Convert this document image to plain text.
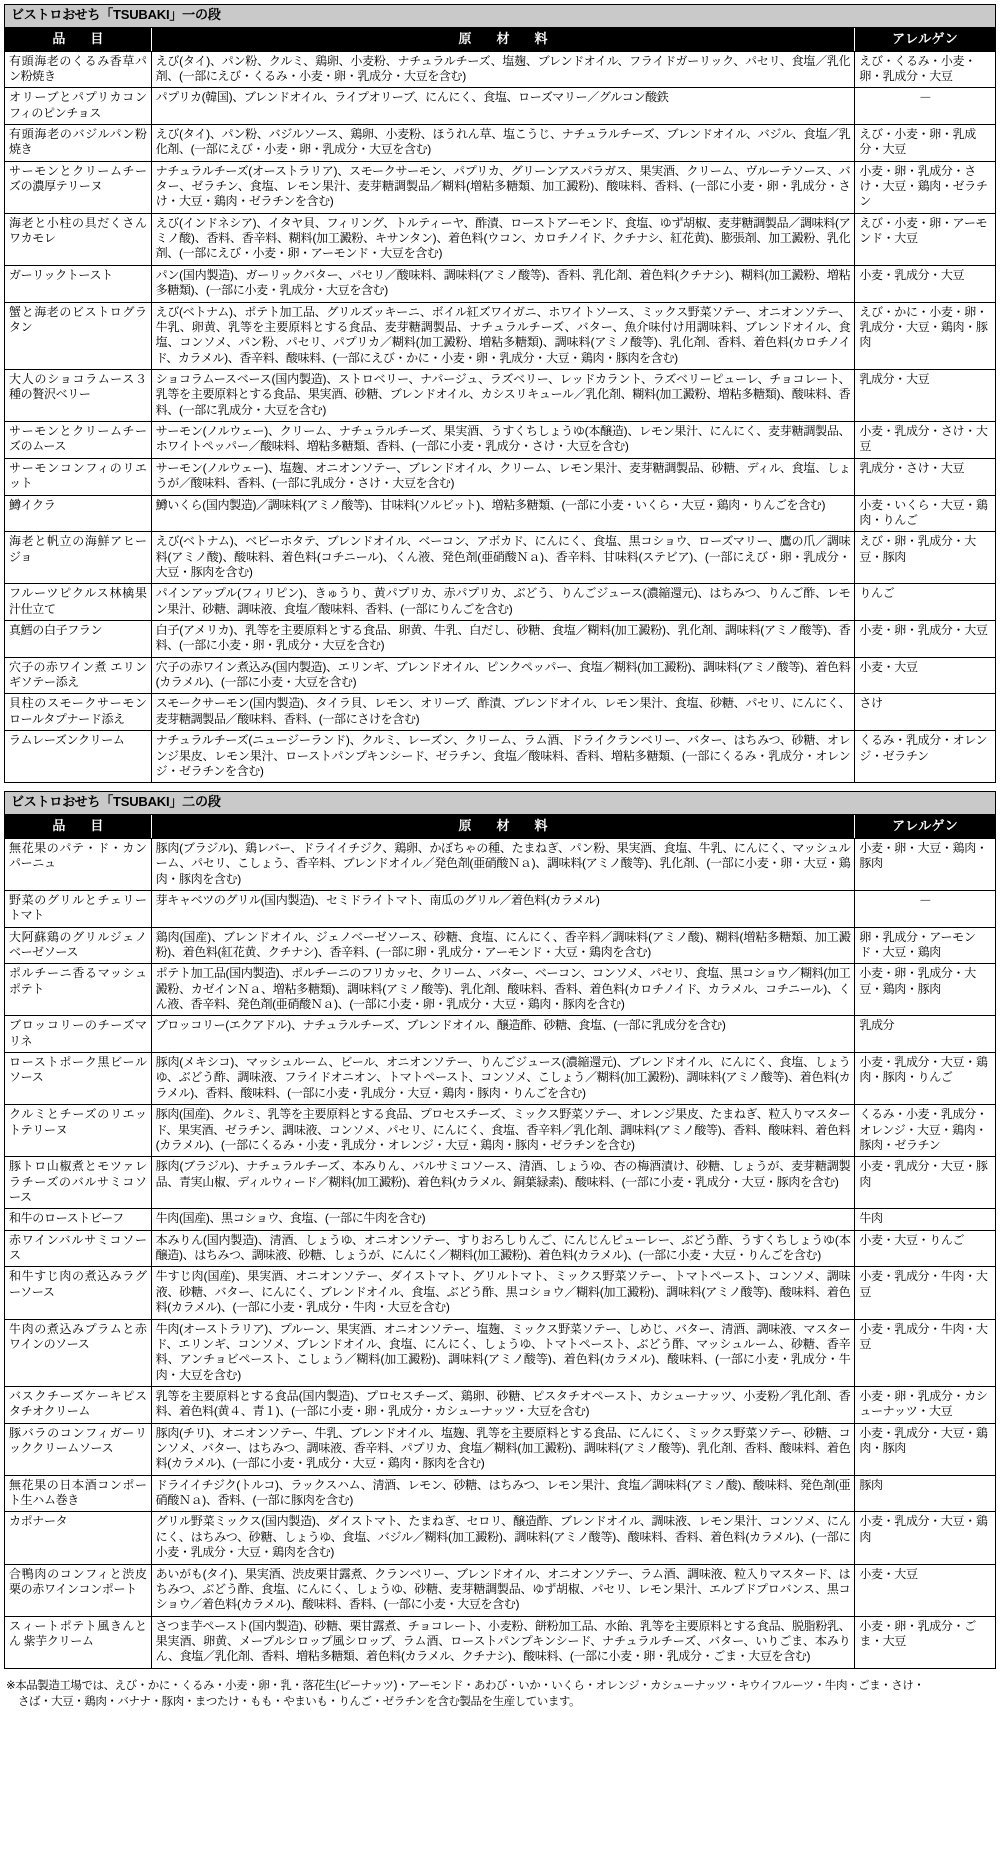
ビストロおせち「TSUBAKI」一の段
品　目	原　材　料	アレルゲン
有頭海老のくるみ香草パン粉焼き	えび(タイ)、パン粉、クルミ、鶏卵、小麦粉、ナチュラルチーズ、塩麹、ブレンドオイル、フライドガーリック、パセリ、食塩／乳化剤、(一部にえび・くるみ・小麦・卵・乳成分・大豆を含む)	えび・くるみ・小麦・卵・乳成分・大豆
オリーブとパプリカコンフィのピンチョス	パプリカ(韓国)、ブレンドオイル、ライプオリーブ、にんにく、食塩、ローズマリー／グルコン酸鉄	－
有頭海老のバジルパン粉焼き	えび(タイ)、パン粉、バジルソース、鶏卵、小麦粉、ほうれん草、塩こうじ、ナチュラルチーズ、ブレンドオイル、バジル、食塩／乳化剤、(一部にえび・小麦・卵・乳成分・大豆を含む)	えび・小麦・卵・乳成分・大豆
サーモンとクリームチーズの濃厚テリーヌ	ナチュラルチーズ(オーストラリア)、スモークサーモン、パプリカ、グリーンアスパラガス、果実酒、クリーム、ヴルーテソース、バター、ゼラチン、食塩、レモン果汁、麦芽糖調製品／糊料(増粘多糖類、加工澱粉)、酸味料、香料、(一部に小麦・卵・乳成分・さけ・大豆・鶏肉・ゼラチンを含む)	小麦・卵・乳成分・さけ・大豆・鶏肉・ゼラチン
海老と小柱の具だくさんワカモレ	えび(インドネシア)、イタヤ貝、フィリング、トルティーヤ、酢漬、ローストアーモンド、食塩、ゆず胡椒、麦芽糖調製品／調味料(アミノ酸)、香料、香辛料、糊料(加工澱粉、キサンタン)、着色料(ウコン、カロチノイド、クチナシ、紅花黄)、膨張剤、加工澱粉、乳化剤、(一部にえび・小麦・卵・アーモンド・大豆を含む)	えび・小麦・卵・アーモンド・大豆
ガーリックトースト	パン(国内製造)、ガーリックバター、パセリ／酸味料、調味料(アミノ酸等)、香料、乳化剤、着色料(クチナシ)、糊料(加工澱粉、増粘多糖類)、(一部に小麦・乳成分・大豆を含む)	小麦・乳成分・大豆
蟹と海老のビストログラタン	えび(ベトナム)、ポテト加工品、グリルズッキーニ、ボイル紅ズワイガニ、ホワイトソース、ミックス野菜ソテー、オニオンソテー、牛乳、卵黄、乳等を主要原料とする食品、麦芽糖調製品、ナチュラルチーズ、バター、魚介味付け用調味料、ブレンドオイル、食塩、コンソメ、パン粉、パセリ、パプリカ／糊料(加工澱粉、増粘多糖類)、調味料(アミノ酸等)、乳化剤、香料、着色料(カロチノイド、カラメル)、香辛料、酸味料、(一部にえび・かに・小麦・卵・乳成分・大豆・鶏肉・豚肉を含む)	えび・かに・小麦・卵・乳成分・大豆・鶏肉・豚肉
大人のショコラムース３種の贅沢ベリー	ショコラムースベース(国内製造)、ストロベリー、ナパージュ、ラズベリー、レッドカラント、ラズベリーピューレ、チョコレート、乳等を主要原料とする食品、果実酒、砂糖、ブレンドオイル、カシスリキュール／乳化剤、糊料(加工澱粉、増粘多糖類)、酸味料、香料、(一部に乳成分・大豆を含む)	乳成分・大豆
サーモンとクリームチーズのムース	サーモン(ノルウェー)、クリーム、ナチュラルチーズ、果実酒、うすくちしょうゆ(本醸造)、レモン果汁、にんにく、麦芽糖調製品、ホワイトペッパー／酸味料、増粘多糖類、香料、(一部に小麦・乳成分・さけ・大豆を含む)	小麦・乳成分・さけ・大豆
サーモンコンフィのリエット	サーモン(ノルウェー)、塩麹、オニオンソテー、ブレンドオイル、クリーム、レモン果汁、麦芽糖調製品、砂糖、ディル、食塩、しょうが／酸味料、香料、(一部に乳成分・さけ・大豆を含む)	乳成分・さけ・大豆
鱒イクラ	鱒いくら(国内製造)／調味料(アミノ酸等)、甘味料(ソルビット)、増粘多糖類、(一部に小麦・いくら・大豆・鶏肉・りんごを含む)	小麦・いくら・大豆・鶏肉・りんご
海老と帆立の海鮮アヒージョ	えび(ベトナム)、ベビーホタテ、ブレンドオイル、ベーコン、アボカド、にんにく、食塩、黒コショウ、ローズマリー、鷹の爪／調味料(アミノ酸)、酸味料、着色料(コチニール)、くん液、発色剤(亜硝酸Ｎａ)、香辛料、甘味料(ステビア)、(一部にえび・卵・乳成分・大豆・豚肉を含む)	えび・卵・乳成分・大豆・豚肉
フルーツピクルス林檎果汁仕立て	パインアップル(フィリピン)、きゅうり、黄パプリカ、赤パプリカ、ぶどう、りんごジュース(濃縮還元)、はちみつ、りんご酢、レモン果汁、砂糖、調味液、食塩／酸味料、香料、(一部にりんごを含む)	りんご
真鱈の白子フラン	白子(アメリカ)、乳等を主要原料とする食品、卵黄、牛乳、白だし、砂糖、食塩／糊料(加工澱粉)、乳化剤、調味料(アミノ酸等)、香料、(一部に小麦・卵・乳成分・大豆を含む)	小麦・卵・乳成分・大豆
穴子の赤ワイン煮 エリンギソテー添え	穴子の赤ワイン煮込み(国内製造)、エリンギ、ブレンドオイル、ピンクペッパー、食塩／糊料(加工澱粉)、調味料(アミノ酸等)、着色料(カラメル)、(一部に小麦・大豆を含む)	小麦・大豆
貝柱のスモークサーモンロールタプナード添え	スモークサーモン(国内製造)、タイラ貝、レモン、オリーブ、酢漬、ブレンドオイル、レモン果汁、食塩、砂糖、パセリ、にんにく、麦芽糖調製品／酸味料、香料、(一部にさけを含む)	さけ
ラムレーズンクリーム	ナチュラルチーズ(ニュージーランド)、クルミ、レーズン、クリーム、ラム酒、ドライクランベリー、バター、はちみつ、砂糖、オレンジ果皮、レモン果汁、ローストパンプキンシード、ゼラチン、食塩／酸味料、香料、増粘多糖類、(一部にくるみ・乳成分・オレンジ・ゼラチンを含む)	くるみ・乳成分・オレンジ・ゼラチン
ビストロおせち「TSUBAKI」二の段
品　目	原　材　料	アレルゲン
無花果のパテ・ド・カンパーニュ	豚肉(ブラジル)、鶏レバー、ドライイチジク、鶏卵、かぼちゃの種、たまねぎ、パン粉、果実酒、食塩、牛乳、にんにく、マッシュルーム、パセリ、こしょう、香辛料、ブレンドオイル／発色剤(亜硝酸Ｎａ)、調味料(アミノ酸等)、乳化剤、(一部に小麦・卵・大豆・鶏肉・豚肉を含む)	小麦・卵・大豆・鶏肉・豚肉
野菜のグリルとチェリートマト	芽キャベツのグリル(国内製造)、セミドライトマト、南瓜のグリル／着色料(カラメル)	－
大阿蘇鶏のグリルジェノベーゼソース	鶏肉(国産)、ブレンドオイル、ジェノベーゼソース、砂糖、食塩、にんにく、香辛料／調味料(アミノ酸)、糊料(増粘多糖類、加工澱粉)、着色料(紅花黄、クチナシ)、香辛料、(一部に卵・乳成分・アーモンド・大豆・鶏肉を含む)	卵・乳成分・アーモンド・大豆・鶏肉
ポルチーニ香るマッシュポテト	ポテト加工品(国内製造)、ポルチーニのフリカッセ、クリーム、バター、ベーコン、コンソメ、パセリ、食塩、黒コショウ／糊料(加工澱粉、カゼインＮａ、増粘多糖類)、調味料(アミノ酸等)、乳化剤、酸味料、香料、着色料(カロチノイド、カラメル、コチニール)、くん液、香辛料、発色剤(亜硝酸Ｎａ)、(一部に小麦・卵・乳成分・大豆・鶏肉・豚肉を含む)	小麦・卵・乳成分・大豆・鶏肉・豚肉
ブロッコリーのチーズマリネ	ブロッコリー(エクアドル)、ナチュラルチーズ、ブレンドオイル、醸造酢、砂糖、食塩、(一部に乳成分を含む)	乳成分
ローストポーク黒ビールソース	豚肉(メキシコ)、マッシュルーム、ビール、オニオンソテー、りんごジュース(濃縮還元)、ブレンドオイル、にんにく、食塩、しょうゆ、ぶどう酢、調味液、フライドオニオン、トマトペースト、コンソメ、こしょう／糊料(加工澱粉)、調味料(アミノ酸等)、着色料(カラメル)、香料、酸味料、(一部に小麦・乳成分・大豆・鶏肉・豚肉・りんごを含む)	小麦・乳成分・大豆・鶏肉・豚肉・りんご
クルミとチーズのリエットテリーヌ	豚肉(国産)、クルミ、乳等を主要原料とする食品、プロセスチーズ、ミックス野菜ソテー、オレンジ果皮、たまねぎ、粒入りマスタード、果実酒、ゼラチン、調味液、コンソメ、パセリ、にんにく、食塩、香辛料／乳化剤、調味料(アミノ酸等)、香料、酸味料、着色料(カラメル)、(一部にくるみ・小麦・乳成分・オレンジ・大豆・鶏肉・豚肉・ゼラチンを含む)	くるみ・小麦・乳成分・オレンジ・大豆・鶏肉・豚肉・ゼラチン
豚トロ山椒煮とモツァレラチーズのバルサミコソース	豚肉(ブラジル)、ナチュラルチーズ、本みりん、バルサミコソース、清酒、しょうゆ、杏の梅酒漬け、砂糖、しょうが、麦芽糖調製品、青実山椒、ディルウィード／糊料(加工澱粉)、着色料(カラメル、銅葉緑素)、酸味料、(一部に小麦・乳成分・大豆・豚肉を含む)	小麦・乳成分・大豆・豚肉
和牛のローストビーフ	牛肉(国産)、黒コショウ、食塩、(一部に牛肉を含む)	牛肉
赤ワインバルサミコソース	本みりん(国内製造)、清酒、しょうゆ、オニオンソテー、すりおろしりんご、にんじんピューレー、ぶどう酢、うすくちしょうゆ(本醸造)、はちみつ、調味液、砂糖、しょうが、にんにく／糊料(加工澱粉)、着色料(カラメル)、(一部に小麦・大豆・りんごを含む)	小麦・大豆・りんご
和牛すじ肉の煮込みラグーソース	牛すじ肉(国産)、果実酒、オニオンソテー、ダイストマト、グリルトマト、ミックス野菜ソテー、トマトペースト、コンソメ、調味液、砂糖、バター、にんにく、ブレンドオイル、食塩、ぶどう酢、黒コショウ／糊料(加工澱粉)、調味料(アミノ酸等)、酸味料、着色料(カラメル)、(一部に小麦・乳成分・牛肉・大豆を含む)	小麦・乳成分・牛肉・大豆
牛肉の煮込みプラムと赤ワインのソース	牛肉(オーストラリア)、プルーン、果実酒、オニオンソテー、塩麹、ミックス野菜ソテー、しめじ、バター、清酒、調味液、マスタード、エリンギ、コンソメ、ブレンドオイル、食塩、にんにく、しょうゆ、トマトペースト、ぶどう酢、マッシュルーム、砂糖、香辛料、アンチョビペースト、こしょう／糊料(加工澱粉)、調味料(アミノ酸等)、着色料(カラメル)、酸味料、(一部に小麦・乳成分・牛肉・大豆を含む)	小麦・乳成分・牛肉・大豆
バスクチーズケーキピスタチオクリーム	乳等を主要原料とする食品(国内製造)、プロセスチーズ、鶏卵、砂糖、ピスタチオペースト、カシューナッツ、小麦粉／乳化剤、香料、着色料(黄４、青１)、(一部に小麦・卵・乳成分・カシューナッツ・大豆を含む)	小麦・卵・乳成分・カシューナッツ・大豆
豚バラのコンフィガーリッククリームソース	豚肉(チリ)、オニオンソテー、牛乳、ブレンドオイル、塩麹、乳等を主要原料とする食品、にんにく、ミックス野菜ソテー、砂糖、コンソメ、バター、はちみつ、調味液、香辛料、パプリカ、食塩／糊料(加工澱粉)、調味料(アミノ酸等)、乳化剤、香料、酸味料、着色料(カラメル)、(一部に小麦・乳成分・大豆・鶏肉・豚肉を含む)	小麦・乳成分・大豆・鶏肉・豚肉
無花果の日本酒コンポート生ハム巻き	ドライイチジク(トルコ)、ラックスハム、清酒、レモン、砂糖、はちみつ、レモン果汁、食塩／調味料(アミノ酸)、酸味料、発色剤(亜硝酸Ｎａ)、香料、(一部に豚肉を含む)	豚肉
カポナータ	グリル野菜ミックス(国内製造)、ダイストマト、たまねぎ、セロリ、醸造酢、ブレンドオイル、調味液、レモン果汁、コンソメ、にんにく、はちみつ、砂糖、しょうゆ、食塩、バジル／糊料(加工澱粉)、調味料(アミノ酸等)、酸味料、香料、着色料(カラメル)、(一部に小麦・乳成分・大豆・鶏肉を含む)	小麦・乳成分・大豆・鶏肉
合鴨肉のコンフィと渋皮栗の赤ワインコンポート	あいがも(タイ)、果実酒、渋皮栗甘露煮、クランベリー、ブレンドオイル、オニオンソテー、ラム酒、調味液、粒入りマスタード、はちみつ、ぶどう酢、食塩、にんにく、しょうゆ、砂糖、麦芽糖調製品、ゆず胡椒、パセリ、レモン果汁、エルブドプロバンス、黒コショウ／着色料(カラメル)、酸味料、香料、(一部に小麦・大豆を含む)	小麦・大豆
スィートポテト風きんとん 紫芋クリーム	さつま芋ペースト(国内製造)、砂糖、栗甘露煮、チョコレート、小麦粉、餅粉加工品、水飴、乳等を主要原料とする食品、脱脂粉乳、果実酒、卵黄、メープルシロップ風シロップ、ラム酒、ローストパンプキンシード、ナチュラルチーズ、バター、いりごま、本みりん、食塩／乳化剤、香料、増粘多糖類、着色料(カラメル、クチナシ)、酸味料、(一部に小麦・卵・乳成分・ごま・大豆を含む)	小麦・卵・乳成分・ごま・大豆
※本品製造工場では、えび・かに・くるみ・小麦・卵・乳・落花生(ピーナッツ)・アーモンド・あわび・いか・いくら・オレンジ・カシューナッツ・キウイフルーツ・牛肉・ごま・さけ・
さば・大豆・鶏肉・バナナ・豚肉・まつたけ・もも・やまいも・りんご・ゼラチンを含む製品を生産しています。
